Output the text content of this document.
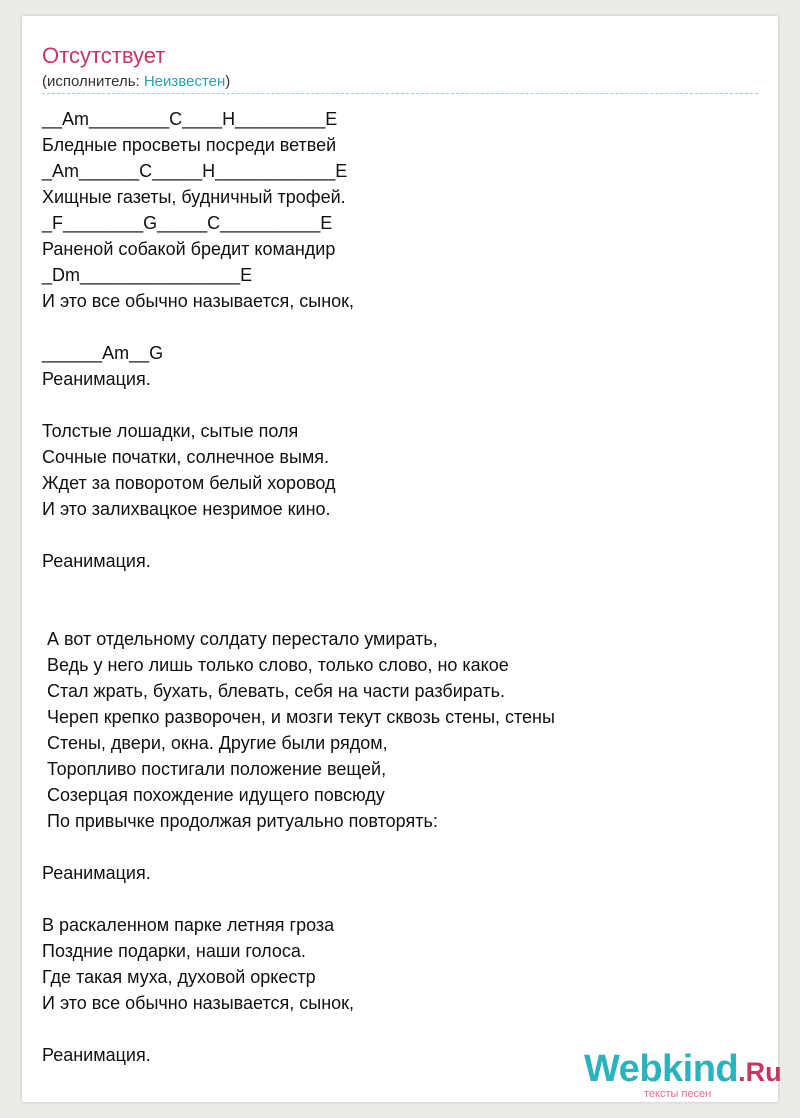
Отсутствует
(исполнитель: Неизвестен)
__Am________C____H_________E
Бледные просветы посреди ветвей
_Am______C_____H____________E
Хищные газеты, будничный трофей.
_F________G_____C__________E
Раненой собакой бредит командир
_Dm________________E
И это все обычно называется, сынок,
______Am__G
Реанимация.
Толстые лошадки, сытые поля
Сочные початки, солнечное вымя.
Ждет за поворотом белый хоровод
И это залихвацкое незримое кино.
Реанимация.
А вот отдельному солдату перестало умирать,
Ведь у него лишь только слово, только слово, но какое
Стал жрать, бухать, блевать, себя на части разбирать.
Череп крепко разворочен, и мозги текут сквозь стены, стены
Стены, двери, окна. Другие были рядом,
Торопливо постигали положение вещей,
Созерцая похождение идущего повсюду
По привычке продолжая ритуально повторять:
Реанимация.
В раскаленном парке летняя гроза
Поздние подарки, наши голоса.
Где такая муха, духовой оркестр
И это все обычно называется, сынок,
Реанимация.	Webkind.Ru
тексты песен
